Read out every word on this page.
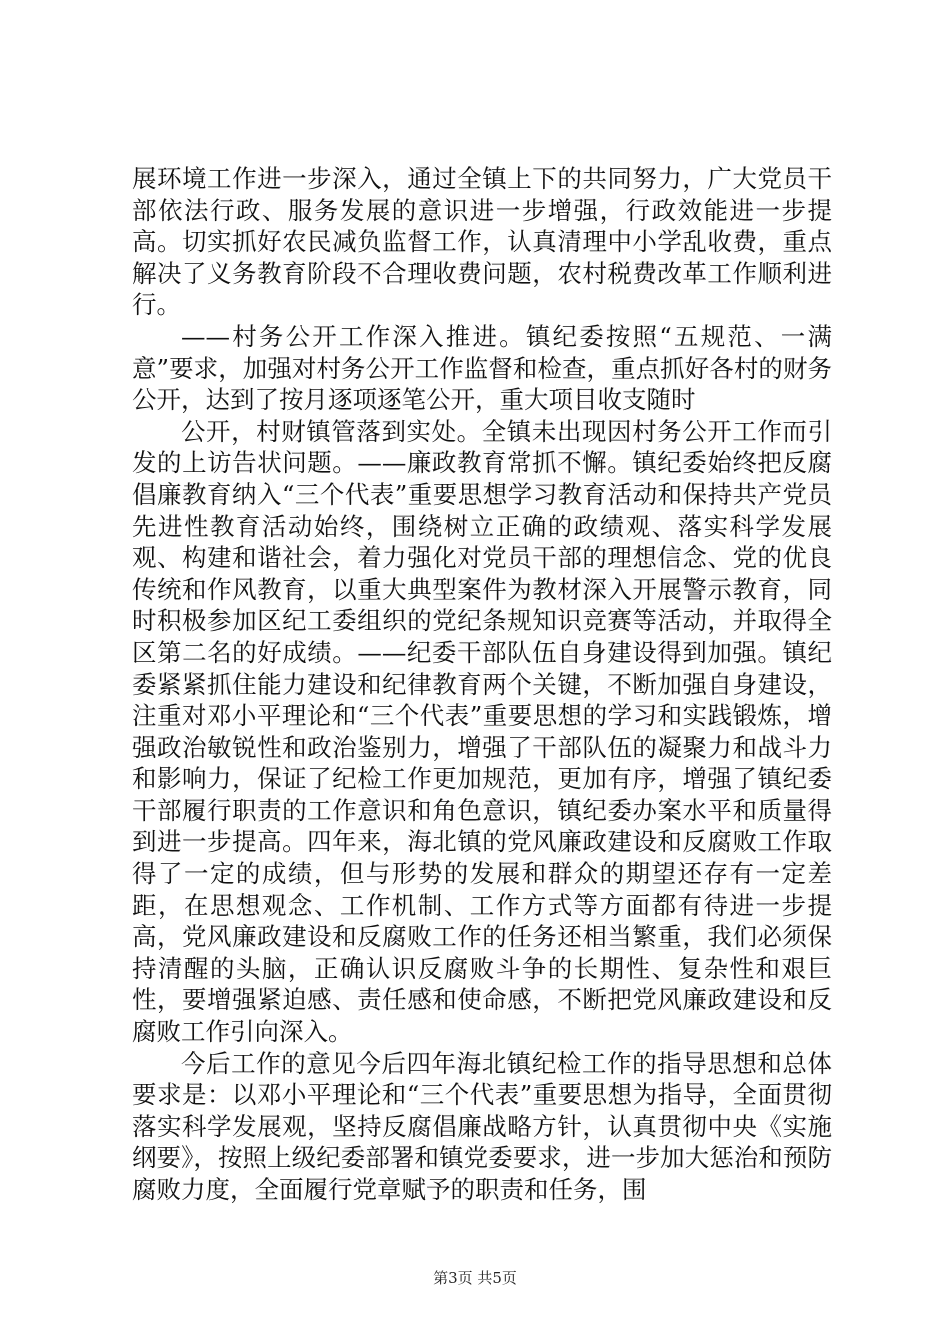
展环境工作进一步深入，通过全镇上下的共同努力，广大党员干部依法行政、服务发展的意识进一步增强，行政效能进一步提高。切实抓好农民减负监督工作，认真清理中小学乱收费，重点解决了义务教育阶段不合理收费问题，农村税费改革工作顺利进行。

——村务公开工作深入推进。镇纪委按照“五规范、一满意”要求，加强对村务公开工作监督和检查，重点抓好各村的财务公开，达到了按月逐项逐笔公开，重大项目收支随时

公开，村财镇管落到实处。全镇未出现因村务公开工作而引发的上访告状问题。——廉政教育常抓不懈。镇纪委始终把反腐倡廉教育纳入“三个代表”重要思想学习教育活动和保持共产党员先进性教育活动始终，围绕树立正确的政绩观、落实科学发展观、构建和谐社会，着力强化对党员干部的理想信念、党的优良传统和作风教育，以重大典型案件为教材深入开展警示教育，同时积极参加区纪工委组织的党纪条规知识竞赛等活动，并取得全区第二名的好成绩。——纪委干部队伍自身建设得到加强。镇纪委紧紧抓住能力建设和纪律教育两个关键，不断加强自身建设，注重对邓小平理论和“三个代表”重要思想的学习和实践锻炼，增强政治敏锐性和政治鉴别力，增强了干部队伍的凝聚力和战斗力和影响力，保证了纪检工作更加规范，更加有序，增强了镇纪委干部履行职责的工作意识和角色意识，镇纪委办案水平和质量得到进一步提高。四年来，海北镇的党风廉政建设和反腐败工作取得了一定的成绩，但与形势的发展和群众的期望还存有一定差距，在思想观念、工作机制、工作方式等方面都有待进一步提高，党风廉政建设和反腐败工作的任务还相当繁重，我们必须保持清醒的头脑，正确认识反腐败斗争的长期性、复杂性和艰巨性，要增强紧迫感、责任感和使命感，不断把党风廉政建设和反腐败工作引向深入。

今后工作的意见今后四年海北镇纪检工作的指导思想和总体要求是：以邓小平理论和“三个代表”重要思想为指导，全面贯彻落实科学发展观，坚持反腐倡廉战略方针，认真贯彻中央《实施纲要》，按照上级纪委部署和镇党委要求，进一步加大惩治和预防腐败力度，全面履行党章赋予的职责和任务，围

第3页 共5页
